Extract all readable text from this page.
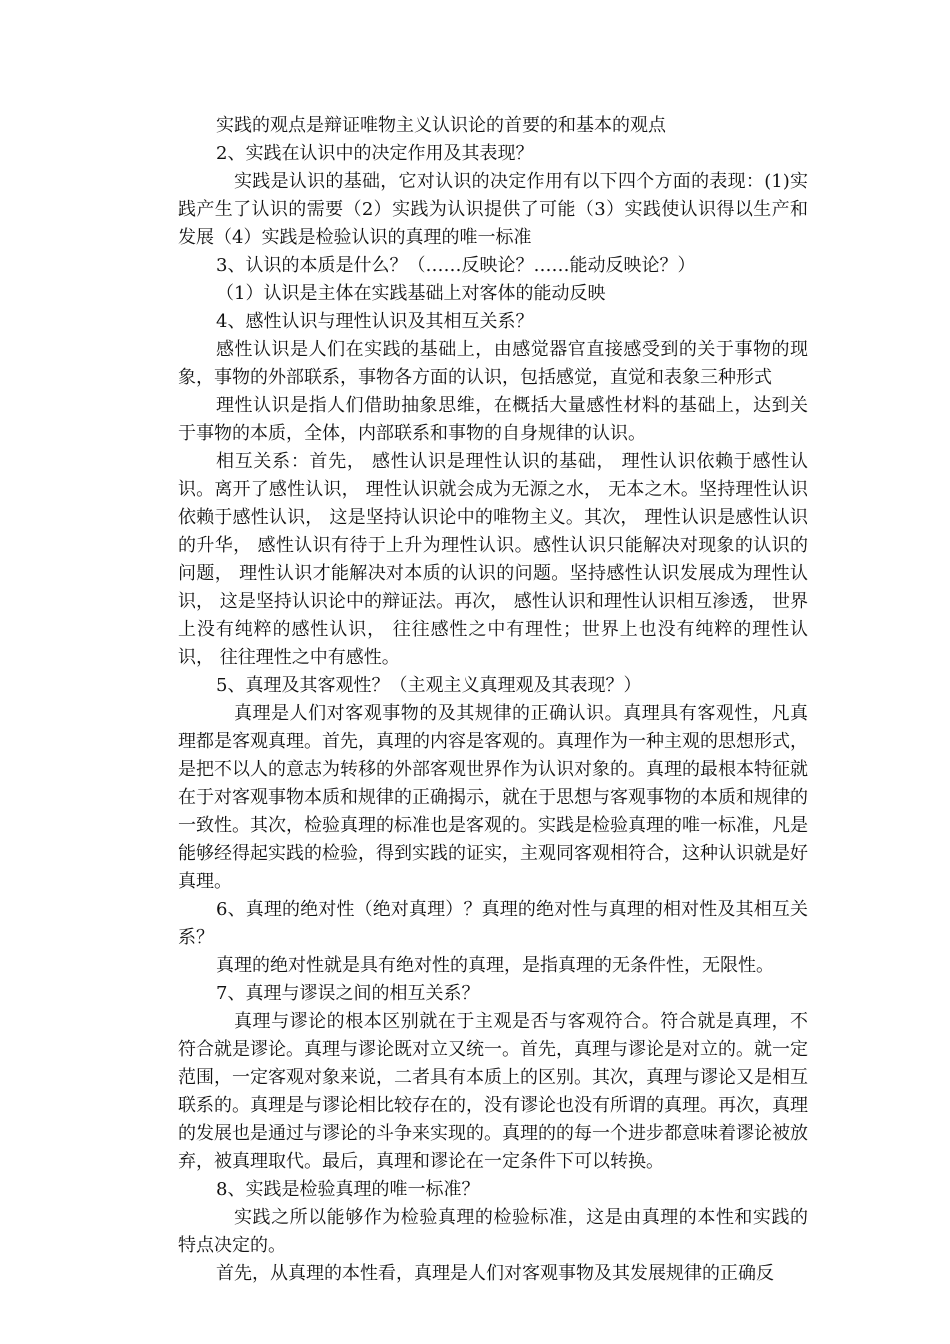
实践的观点是辩证唯物主义认识论的首要的和基本的观点

2、实践在认识中的决定作用及其表现？

实践是认识的基础，它对认识的决定作用有以下四个方面的表现：(1)实践产生了认识的需要（2）实践为认识提供了可能（3）实践使认识得以生产和发展（4）实践是检验认识的真理的唯一标准

3、认识的本质是什么？（……反映论？……能动反映论？）

（1）认识是主体在实践基础上对客体的能动反映

4、感性认识与理性认识及其相互关系？

感性认识是人们在实践的基础上，由感觉器官直接感受到的关于事物的现象，事物的外部联系，事物各方面的认识，包括感觉，直觉和表象三种形式

理性认识是指人们借助抽象思维，在概括大量感性材料的基础上，达到关于事物的本质，全体，内部联系和事物的自身规律的认识。

相互关系：首先， 感性认识是理性认识的基础， 理性认识依赖于感性认识。离开了感性认识， 理性认识就会成为无源之水， 无本之木。坚持理性认识依赖于感性认识， 这是坚持认识论中的唯物主义。其次， 理性认识是感性认识的升华， 感性认识有待于上升为理性认识。感性认识只能解决对现象的认识的问题， 理性认识才能解决对本质的认识的问题。坚持感性认识发展成为理性认识， 这是坚持认识论中的辩证法。再次， 感性认识和理性认识相互渗透， 世界上没有纯粹的感性认识， 往往感性之中有理性；世界上也没有纯粹的理性认识， 往往理性之中有感性。

5、真理及其客观性？（主观主义真理观及其表现？）

真理是人们对客观事物的及其规律的正确认识。真理具有客观性，凡真理都是客观真理。首先，真理的内容是客观的。真理作为一种主观的思想形式，是把不以人的意志为转移的外部客观世界作为认识对象的。真理的最根本特征就在于对客观事物本质和规律的正确揭示，就在于思想与客观事物的本质和规律的一致性。其次，检验真理的标准也是客观的。实践是检验真理的唯一标准，凡是能够经得起实践的检验，得到实践的证实，主观同客观相符合，这种认识就是好真理。

6、真理的绝对性（绝对真理）？真理的绝对性与真理的相对性及其相互关系？

真理的绝对性就是具有绝对性的真理，是指真理的无条件性，无限性。

7、真理与谬误之间的相互关系？

真理与谬论的根本区别就在于主观是否与客观符合。符合就是真理，不符合就是谬论。真理与谬论既对立又统一。首先，真理与谬论是对立的。就一定范围，一定客观对象来说，二者具有本质上的区别。其次，真理与谬论又是相互联系的。真理是与谬论相比较存在的，没有谬论也没有所谓的真理。再次，真理的发展也是通过与谬论的斗争来实现的。真理的的每一个进步都意味着谬论被放弃，被真理取代。最后，真理和谬论在一定条件下可以转换。

8、实践是检验真理的唯一标准？

实践之所以能够作为检验真理的检验标准，这是由真理的本性和实践的特点决定的。

首先，从真理的本性看，真理是人们对客观事物及其发展规律的正确反
